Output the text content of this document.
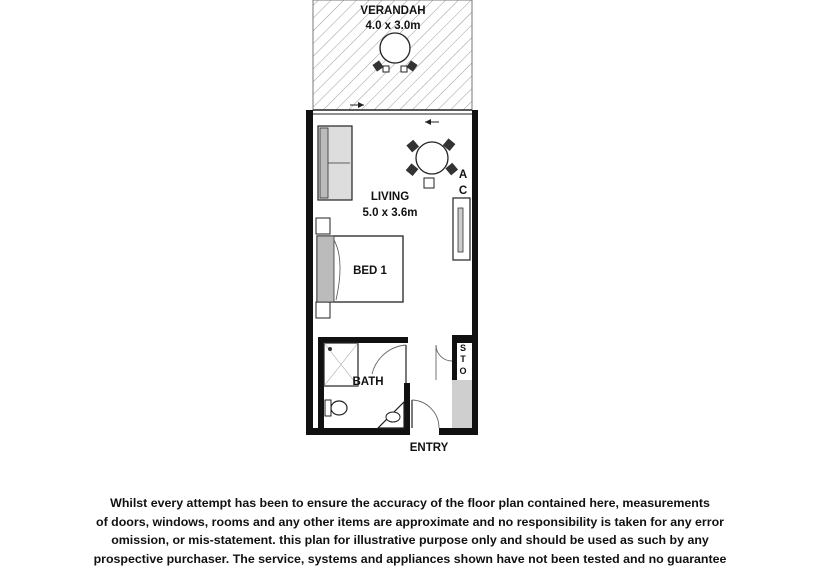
VERANDAH
4.0 x 3.0m
LIVING
5.0 x 3.6m
BED 1
BATH
ENTRY
A
C
S
T
O
Whilst every attempt has been to ensure the accuracy of the floor plan contained here, measurements
of doors, windows, rooms and any other items are approximate and no responsibility is taken for any error
omission, or mis-statement. this plan for illustrative purpose only and should be used as such by any
prospective purchaser. The service, systems and appliances shown have not been tested and no guarantee
